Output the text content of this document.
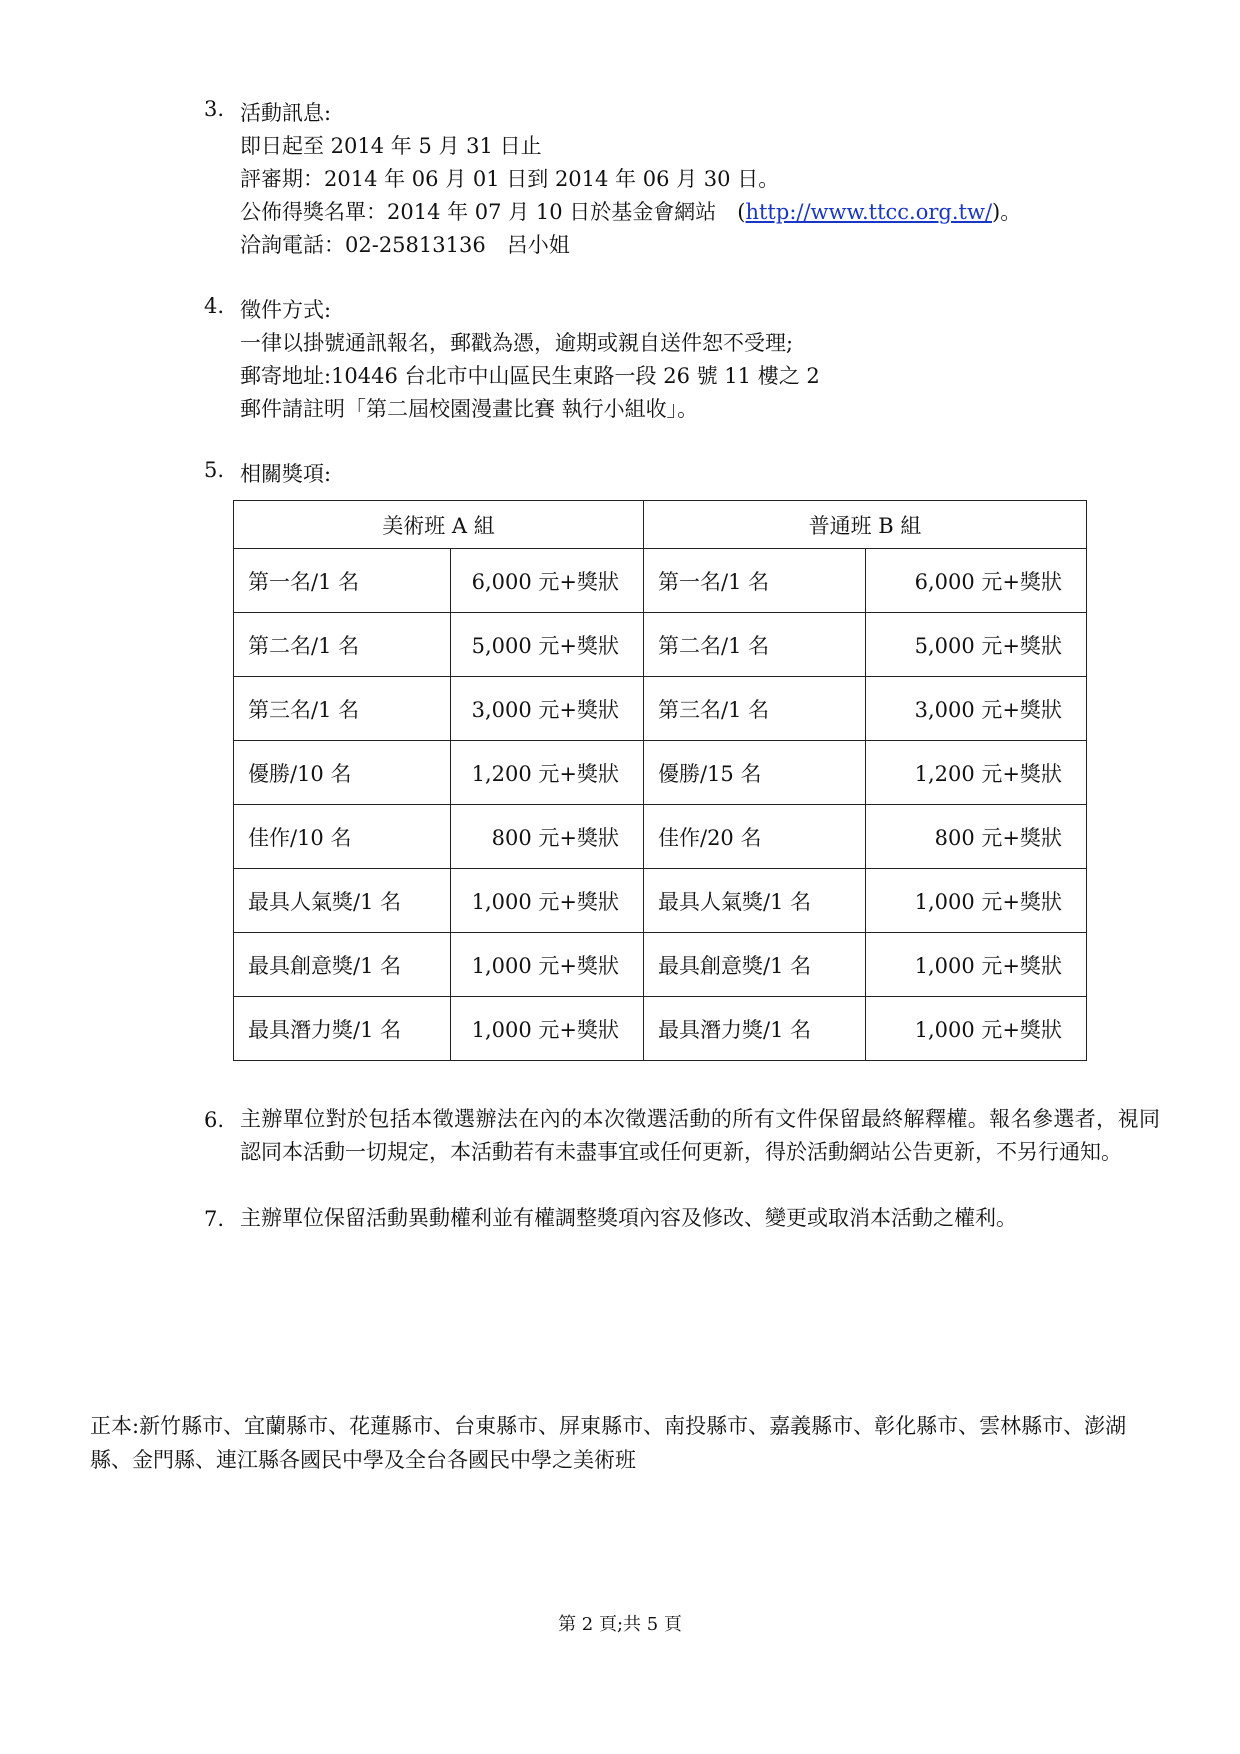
3. 活動訊息:
即日起至 2014 年 5 月 31 日止
評審期：2014 年 06 月 01 日到 2014 年 06 月 30 日。
公佈得獎名單：2014 年 07 月 10 日於基金會網站　(http://www.ttcc.org.tw/)。
洽詢電話：02-25813136　呂小姐
4. 徵件方式:
一律以掛號通訊報名，郵戳為憑，逾期或親自送件恕不受理;
郵寄地址:10446 台北市中山區民生東路一段 26 號 11 樓之 2
郵件請註明「第二屆校園漫畫比賽 執行小組收」。
5. 相關獎項:
美術班 A 組		普通班 B 組	
第一名/1 名	6,000 元+獎狀	第一名/1 名	6,000 元+獎狀
第二名/1 名	5,000 元+獎狀	第二名/1 名	5,000 元+獎狀
第三名/1 名	3,000 元+獎狀	第三名/1 名	3,000 元+獎狀
優勝/10 名	1,200 元+獎狀	優勝/15 名	1,200 元+獎狀
佳作/10 名	800 元+獎狀	佳作/20 名	800 元+獎狀
最具人氣獎/1 名	1,000 元+獎狀	最具人氣獎/1 名	1,000 元+獎狀
最具創意獎/1 名	1,000 元+獎狀	最具創意獎/1 名	1,000 元+獎狀
最具潛力獎/1 名	1,000 元+獎狀	最具潛力獎/1 名	1,000 元+獎狀
6. 主辦單位對於包括本徵選辦法在內的本次徵選活動的所有文件保留最終解釋權。報名參選者，視同認同本活動一切規定，本活動若有未盡事宜或任何更新，得於活動網站公告更新，不另行通知。
7. 主辦單位保留活動異動權利並有權調整獎項內容及修改、變更或取消本活動之權利。
正本:新竹縣市、宜蘭縣市、花蓮縣市、台東縣市、屏東縣市、南投縣市、嘉義縣市、彰化縣市、雲林縣市、澎湖縣、金門縣、連江縣各國民中學及全台各國民中學之美術班
第 2 頁;共 5 頁
